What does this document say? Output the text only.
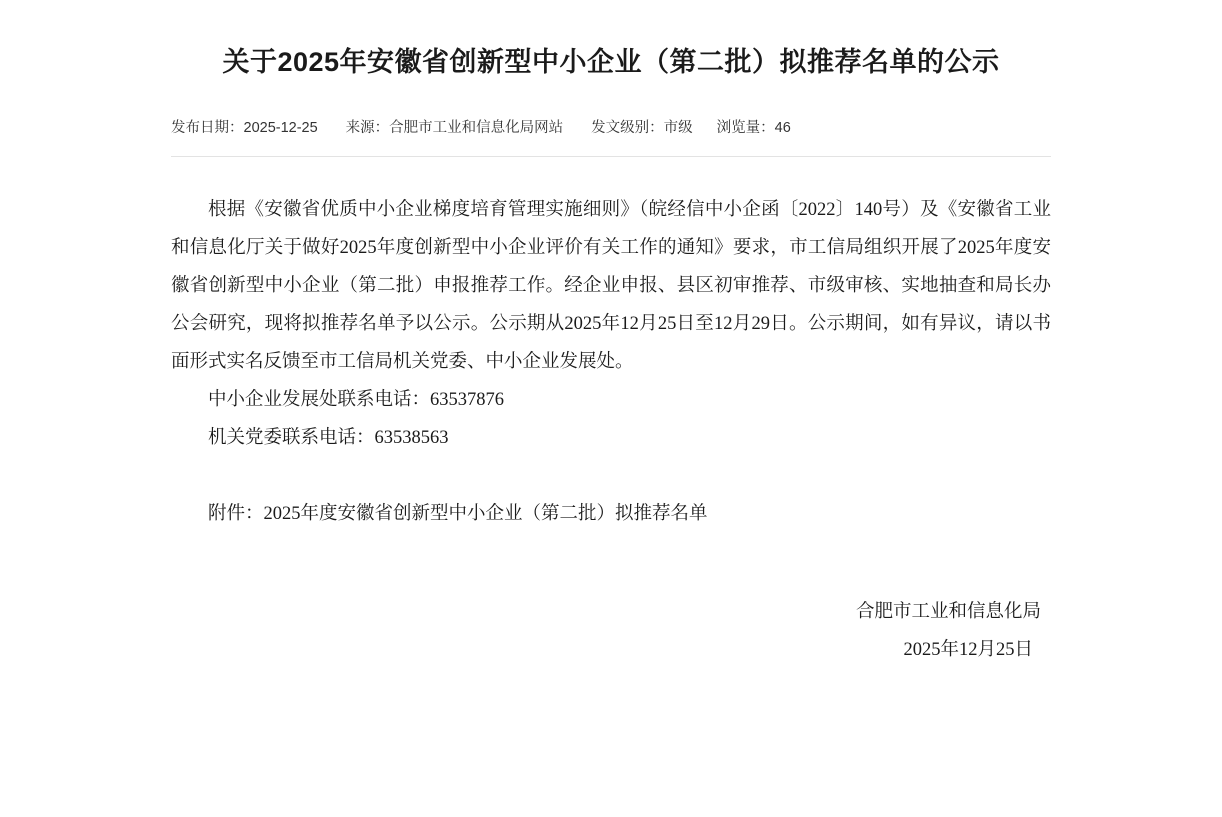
关于2025年安徽省创新型中小企业（第二批）拟推荐名单的公示
发布日期：2025-12-25 来源：合肥市工业和信息化局网站 发文级别：市级 浏览量：46

根据《安徽省优质中小企业梯度培育管理实施细则》（皖经信中小企函〔2022〕140号）及《安徽省工业和信息化厅关于做好2025年度创新型中小企业评价有关工作的通知》要求，市工信局组织开展了2025年度安徽省创新型中小企业（第二批）申报推荐工作。经企业申报、县区初审推荐、市级审核、实地抽查和局长办公会研究，现将拟推荐名单予以公示。公示期从2025年12月25日至12月29日。公示期间，如有异议，请以书面形式实名反馈至市工信局机关党委、中小企业发展处。

中小企业发展处联系电话：63537876

机关党委联系电话：63538563

附件：2025年度安徽省创新型中小企业（第二批）拟推荐名单

合肥市工业和信息化局
2025年12月25日
